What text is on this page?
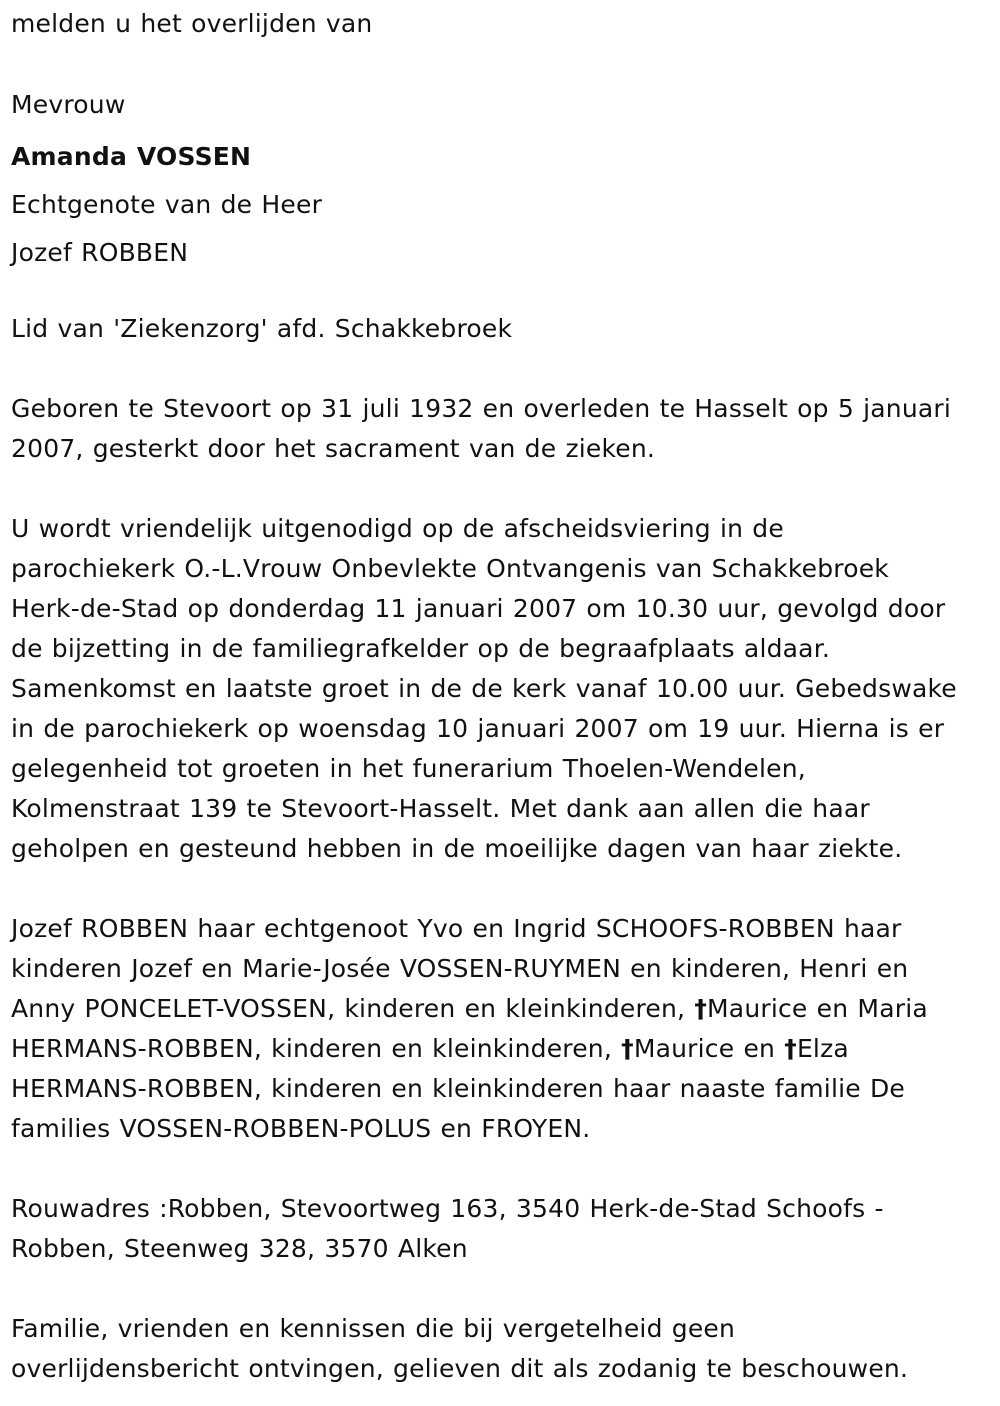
melden u het overlijden van
Mevrouw
Amanda VOSSEN
Echtgenote van de Heer
Jozef ROBBEN
Lid van 'Ziekenzorg' afd. Schakkebroek
Geboren te Stevoort op 31 juli 1932 en overleden te Hasselt op 5 januari
2007, gesterkt door het sacrament van de zieken.
U wordt vriendelijk uitgenodigd op de afscheidsviering in de
parochiekerk O.-L.Vrouw Onbevlekte Ontvangenis van Schakkebroek
Herk-de-Stad op donderdag 11 januari 2007 om 10.30 uur, gevolgd door
de bijzetting in de familiegrafkelder op de begraafplaats aldaar.
Samenkomst en laatste groet in de de kerk vanaf 10.00 uur. Gebedswake
in de parochiekerk op woensdag 10 januari 2007 om 19 uur. Hierna is er
gelegenheid tot groeten in het funerarium Thoelen-Wendelen,
Kolmenstraat 139 te Stevoort-Hasselt. Met dank aan allen die haar
geholpen en gesteund hebben in de moeilijke dagen van haar ziekte.
Jozef ROBBEN haar echtgenoot Yvo en Ingrid SCHOOFS-ROBBEN haar
kinderen Jozef en Marie-Josée VOSSEN-RUYMEN en kinderen, Henri en
Anny PONCELET-VOSSEN, kinderen en kleinkinderen, †Maurice en Maria
HERMANS-ROBBEN, kinderen en kleinkinderen, †Maurice en †Elza
HERMANS-ROBBEN, kinderen en kleinkinderen haar naaste familie De
families VOSSEN-ROBBEN-POLUS en FROYEN.
Rouwadres :Robben, Stevoortweg 163, 3540 Herk-de-Stad Schoofs -
Robben, Steenweg 328, 3570 Alken
Familie, vrienden en kennissen die bij vergetelheid geen
overlijdensbericht ontvingen, gelieven dit als zodanig te beschouwen.
